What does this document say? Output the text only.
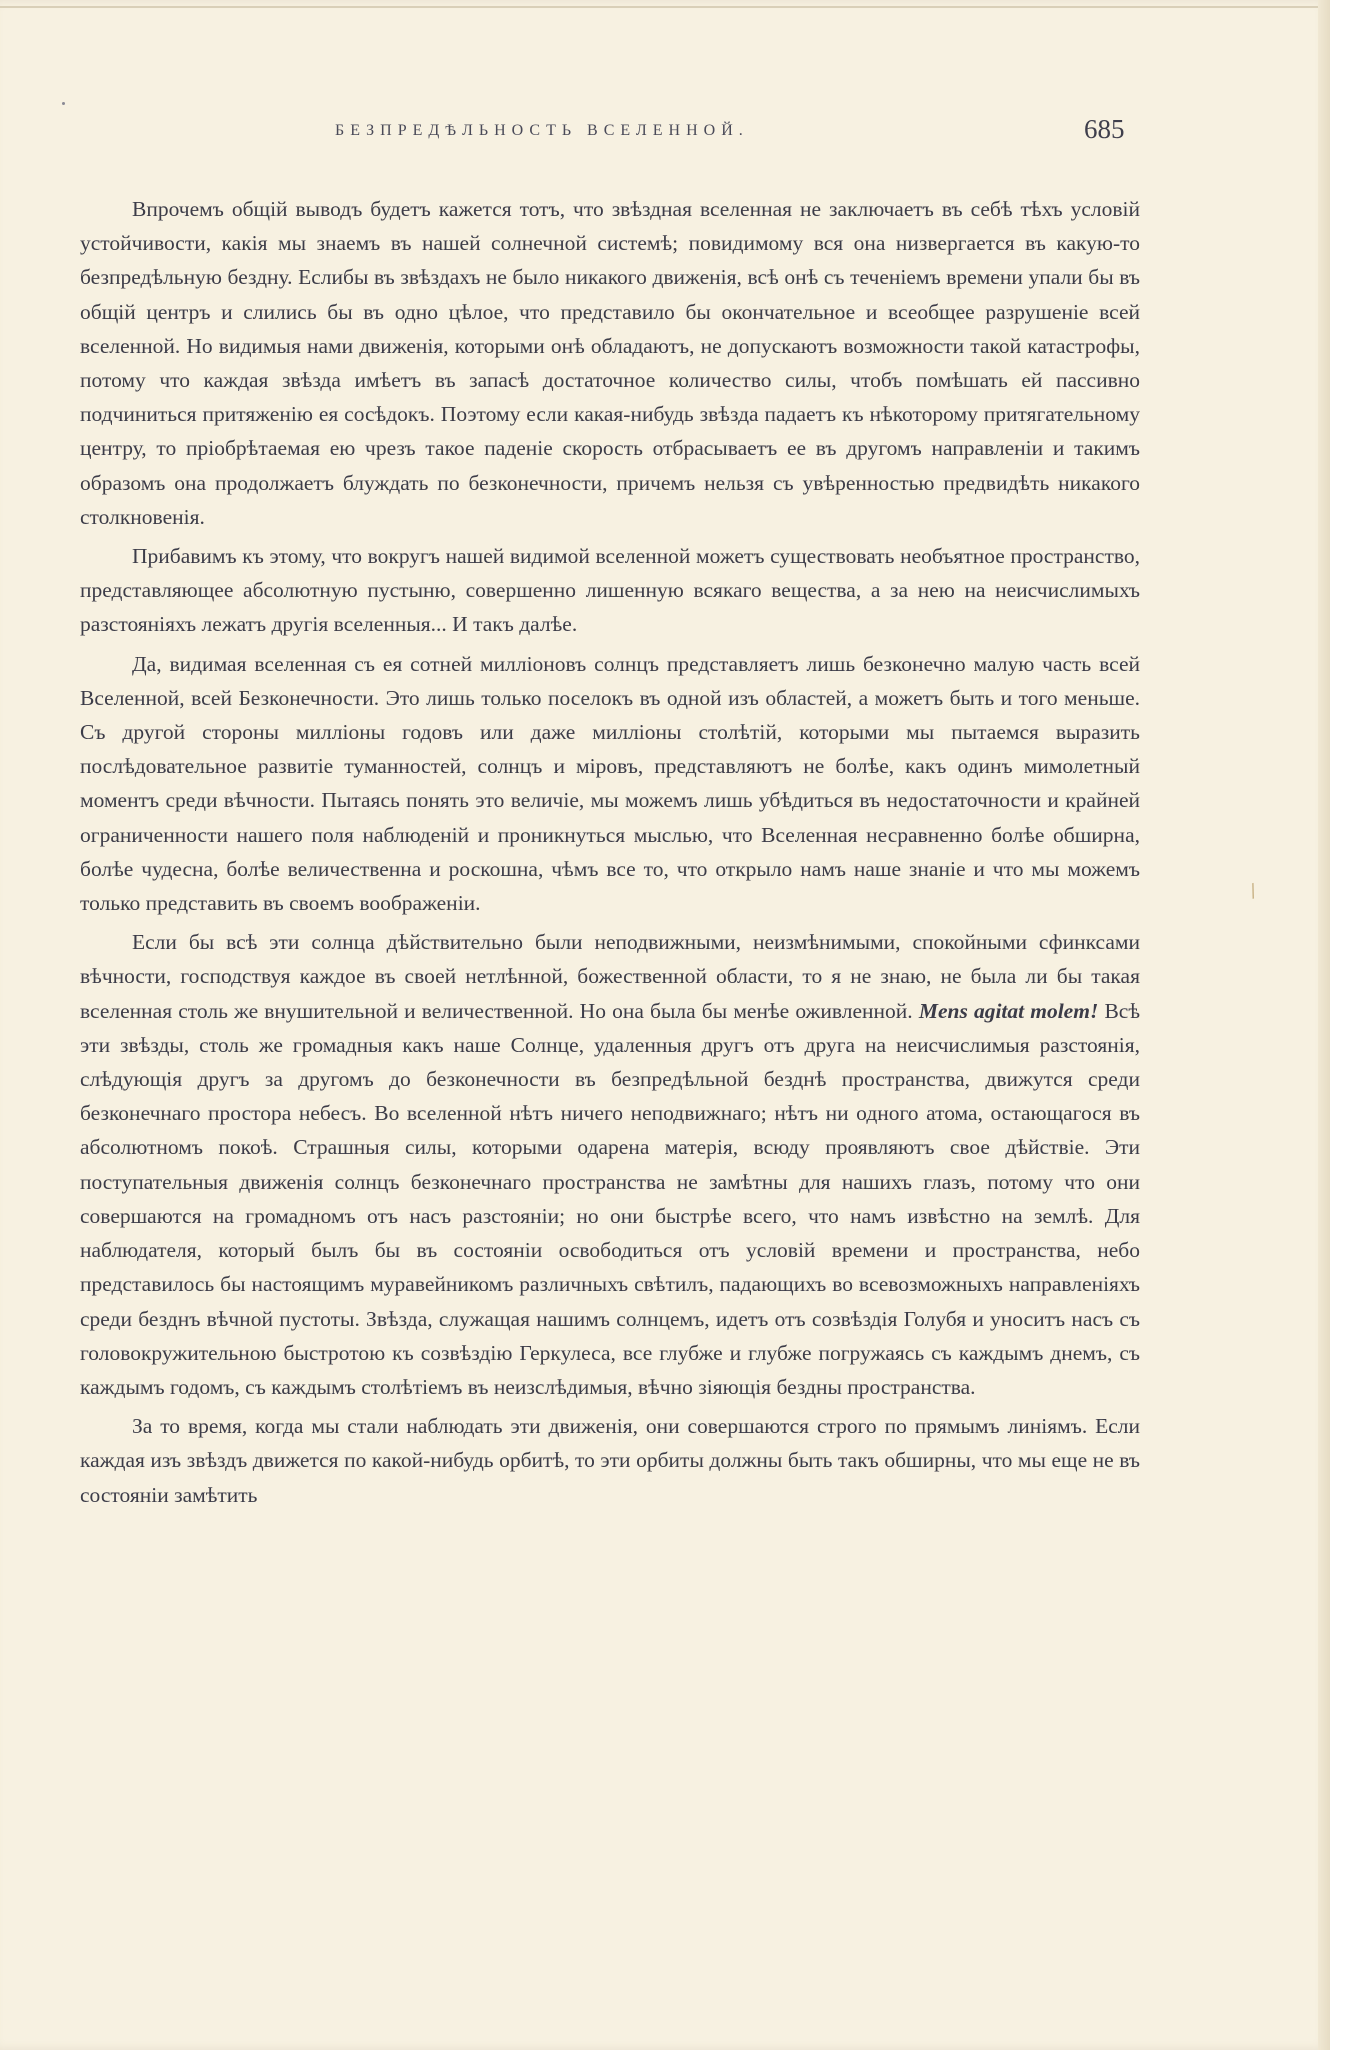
БЕЗПРЕДѢЛЬНОСТЬ ВСЕЛЕННОЙ.	685

Впрочемъ общій выводъ будетъ кажется тотъ, что звѣздная вселенная не заключаетъ въ себѣ тѣхъ условій устойчивости, какія мы знаемъ въ нашей солнечной системѣ; повидимому вся она низвергается въ какую-то безпредѣльную бездну. Еслибы въ звѣздахъ не было никакого движенія, всѣ онѣ съ теченіемъ времени упали бы въ общій центръ и слились бы въ одно цѣлое, что представило бы окончательное и всеобщее разрушеніе всей вселенной. Но видимыя нами движенія, которыми онѣ обладаютъ, не допускаютъ возможности такой катастрофы, потому что каждая звѣзда имѣетъ въ запасѣ достаточное количество силы, чтобъ помѣшать ей пассивно подчиниться притяженію ея сосѣдокъ. Поэтому если какая-нибудь звѣзда падаетъ къ нѣкоторому притягательному центру, то пріобрѣтаемая ею чрезъ такое паденіе скорость отбрасываетъ ее въ другомъ направленіи и такимъ образомъ она продолжаетъ блуждать по безконечности, причемъ нельзя съ увѣренностью предвидѣть никакого столкновенія.

Прибавимъ къ этому, что вокругъ нашей видимой вселенной можетъ существовать необъятное пространство, представляющее абсолютную пустыню, совершенно лишенную всякаго вещества, а за нею на неисчислимыхъ разстояніяхъ лежатъ другія вселенныя... И такъ далѣе.

Да, видимая вселенная съ ея сотней милліоновъ солнцъ представляетъ лишь безконечно малую часть всей Вселенной, всей Безконечности. Это лишь только поселокъ въ одной изъ областей, а можетъ быть и того меньше. Съ другой стороны милліоны годовъ или даже милліоны столѣтій, которыми мы пытаемся выразить послѣдовательное развитіе туманностей, солнцъ и міровъ, представляютъ не болѣе, какъ одинъ мимолетный моментъ среди вѣчности. Пытаясь понять это величіе, мы можемъ лишь убѣдиться въ недостаточности и крайней ограниченности нашего поля наблюденій и проникнуться мыслью, что Вселенная несравненно болѣе обширна, болѣе чудесна, болѣе величественна и роскошна, чѣмъ все то, что открыло намъ наше знаніе и что мы можемъ только представить въ своемъ воображеніи.

Если бы всѣ эти солнца дѣйствительно были неподвижными, неизмѣнимыми, спокойными сфинксами вѣчности, господствуя каждое въ своей нетлѣнной, божественной области, то я не знаю, не была ли бы такая вселенная столь же внушительной и величественной. Но она была бы менѣе оживленной. Mens agitat molem! Всѣ эти звѣзды, столь же громадныя какъ наше Солнце, удаленныя другъ отъ друга на неисчислимыя разстоянія, слѣдующія другъ за другомъ до безконечности въ безпредѣльной безднѣ пространства, движутся среди безконечнаго простора небесъ. Во вселенной нѣтъ ничего неподвижнаго; нѣтъ ни одного атома, остающагося въ абсолютномъ покоѣ. Страшныя силы, которыми одарена матерія, всюду проявляютъ свое дѣйствіе. Эти поступательныя движенія солнцъ безконечнаго пространства не замѣтны для нашихъ глазъ, потому что они совершаются на громадномъ отъ насъ разстояніи; но они быстрѣе всего, что намъ извѣстно на землѣ. Для наблюдателя, который былъ бы въ состояніи освободиться отъ условій времени и пространства, небо представилось бы настоящимъ муравейникомъ различныхъ свѣтилъ, падающихъ во всевозможныхъ направленіяхъ среди безднъ вѣчной пустоты. Звѣзда, служащая нашимъ солнцемъ, идетъ отъ созвѣздія Голубя и уноситъ насъ съ головокружительною быстротою къ созвѣздію Геркулеса, все глубже и глубже погружаясь съ каждымъ днемъ, съ каждымъ годомъ, съ каждымъ столѣтіемъ въ неизслѣдимыя, вѣчно зіяющія бездны пространства.

За то время, когда мы стали наблюдать эти движенія, они совершаются строго по прямымъ линіямъ. Если каждая изъ звѣздъ движется по какой-нибудь орбитѣ, то эти орбиты должны быть такъ обширны, что мы еще не въ состояніи замѣтить

/
